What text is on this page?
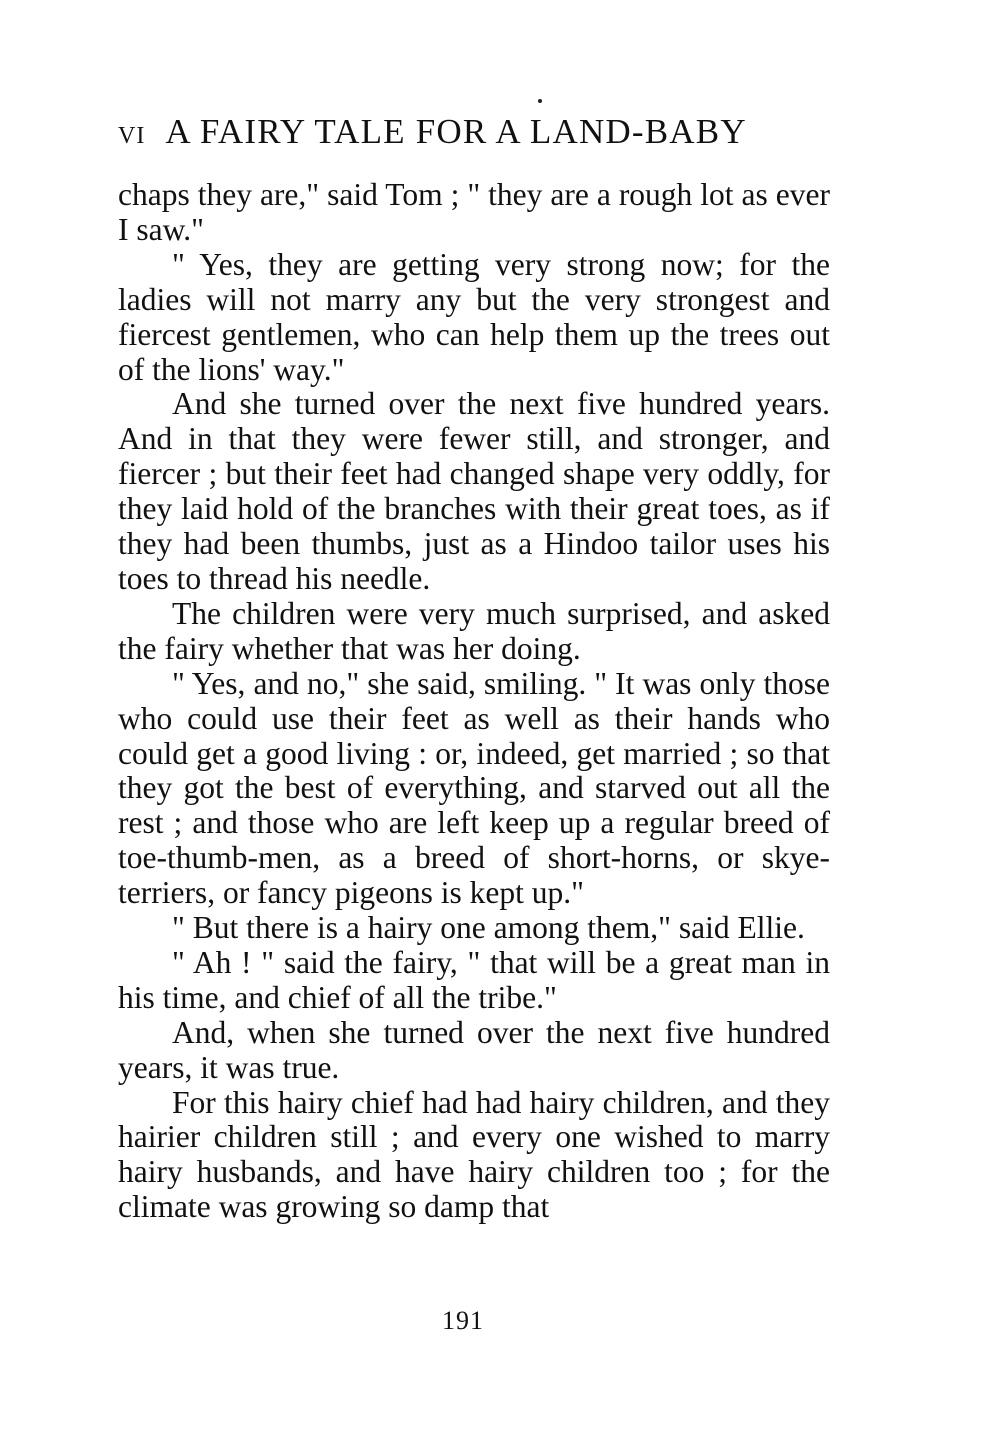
VI A FAIRY TALE FOR A LAND-BABY

chaps they are," said Tom ; " they are a rough lot as ever I saw."

" Yes, they are getting very strong now; for the ladies will not marry any but the very strongest and fiercest gentlemen, who can help them up the trees out of the lions' way."

And she turned over the next five hundred years. And in that they were fewer still, and stronger, and fiercer ; but their feet had changed shape very oddly, for they laid hold of the branches with their great toes, as if they had been thumbs, just as a Hindoo tailor uses his toes to thread his needle.

The children were very much surprised, and asked the fairy whether that was her doing.

" Yes, and no," she said, smiling. " It was only those who could use their feet as well as their hands who could get a good living : or, indeed, get married ; so that they got the best of everything, and starved out all the rest ; and those who are left keep up a regular breed of toe-thumb-men, as a breed of short-horns, or skye-terriers, or fancy pigeons is kept up."

" But there is a hairy one among them," said Ellie.

" Ah ! " said the fairy, " that will be a great man in his time, and chief of all the tribe."

And, when she turned over the next five hundred years, it was true.

For this hairy chief had had hairy children, and they hairier children still ; and every one wished to marry hairy husbands, and have hairy children too ; for the climate was growing so damp that

191
